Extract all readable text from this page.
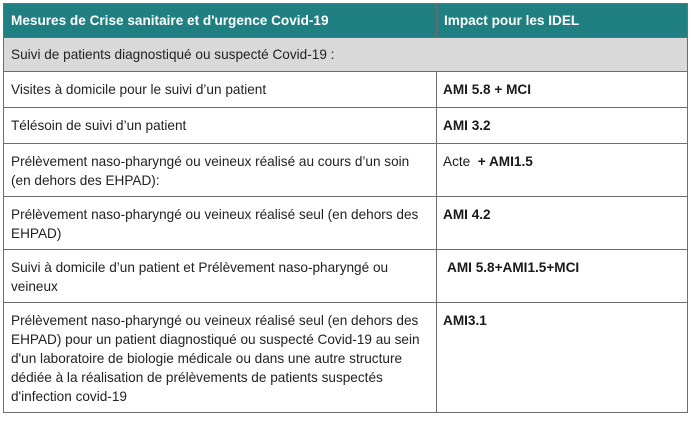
Mesures de Crise sanitaire et d'urgence Covid-19	Impact pour les IDEL
Suivi de patients diagnostiqué ou suspecté Covid-19 :	
Visites à domicile pour le suivi d’un patient	AMI 5.8 + MCI
Télésoin de suivi d’un patient	AMI 3.2
Prélèvement naso-pharyngé ou veineux réalisé au cours d’un soin (en dehors des EHPAD):	Acte + AMI1.5
Prélèvement naso-pharyngé ou veineux réalisé seul (en dehors des EHPAD)	AMI 4.2
Suivi à domicile d’un patient et Prélèvement naso-pharyngé ou veineux	AMI 5.8+AMI1.5+MCI
Prélèvement naso-pharyngé ou veineux réalisé seul (en dehors des EHPAD) pour un patient diagnostiqué ou suspecté Covid-19 au sein d'un laboratoire de biologie médicale ou dans une autre structure dédiée à la réalisation de prélèvements de patients suspectés d'infection covid-19	AMI3.1
